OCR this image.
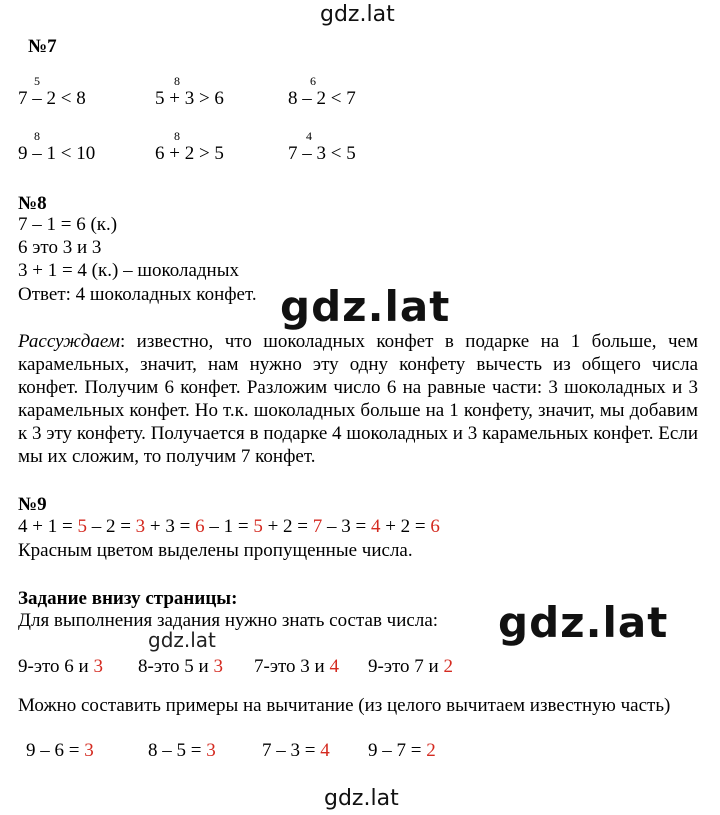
gdz.lat
gdz.lat
gdz.lat
gdz.lat
gdz.lat
№7
5
7 – 2 < 8
8
5 + 3 > 6
6
8 – 2 < 7
8
9 – 1 < 10
8
6 + 2 > 5
4
7 – 3 < 5
№8
7 – 1 = 6 (к.)
6 это 3 и 3
3 + 1 = 4 (к.) – шоколадных
Ответ: 4 шоколадных конфет.

Рассуждаем: известно, что шоколадных конфет в подарке на 1 больше, чем карамельных, значит, нам нужно эту одну конфету вычесть из общего числа конфет. Получим 6 конфет. Разложим число 6 на равные части: 3 шоколадных и 3 карамельных конфет. Но т.к. шоколадных больше на 1 конфету, значит, мы добавим к 3 эту конфету. Получается в подарке 4 шоколадных и 3 карамельных конфет. Если мы их сложим, то получим 7 конфет.

№9
4 + 1 = 5 – 2 = 3 + 3 = 6 – 1 = 5 + 2 = 7 – 3 = 4 + 2 = 6
Красным цветом выделены пропущенные числа.
Задание внизу страницы:
Для выполнения задания нужно знать состав числа:
9-это 6 и 3 8-это 5 и 3 7-это 3 и 4 9-это 7 и 2
Можно составить примеры на вычитание (из целого вычитаем известную часть)
9 – 6 = 3	8 – 5 = 3 7 – 3 = 4 9 – 7 = 2
